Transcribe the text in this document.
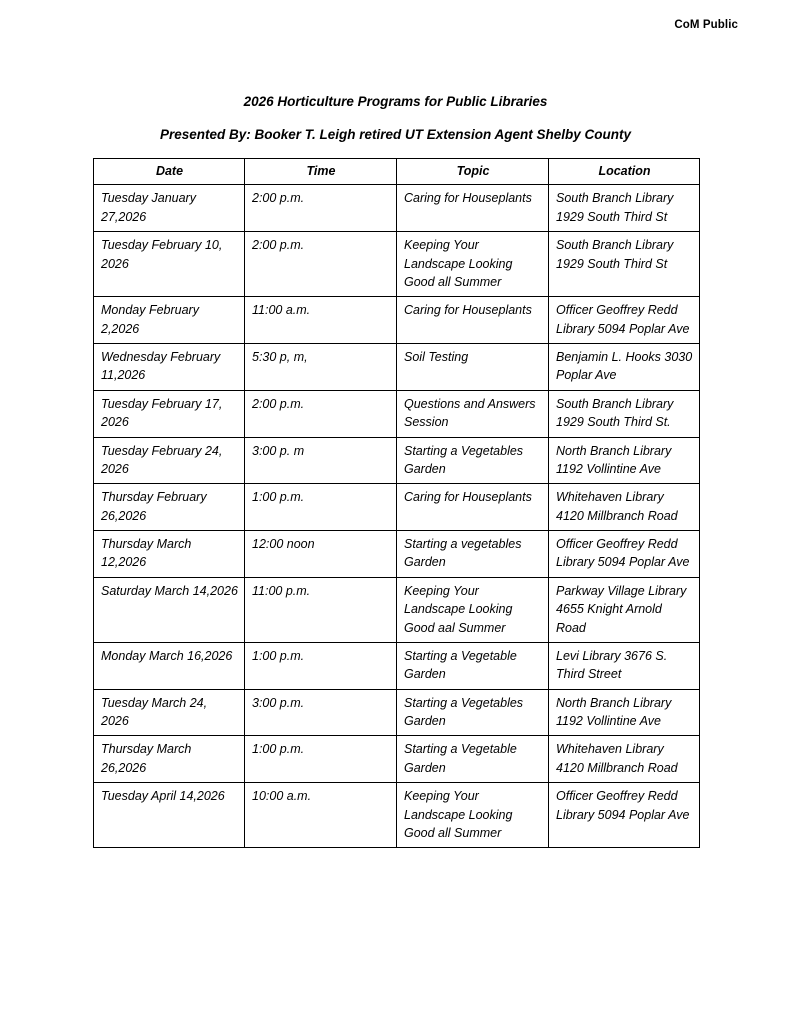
CoM Public
2026 Horticulture Programs for Public Libraries
Presented By: Booker T. Leigh retired UT Extension Agent Shelby County
Date	Time	Topic	Location
Tuesday January 27,2026	2:00 p.m.	Caring for Houseplants	South Branch Library 1929 South Third St
Tuesday February 10, 2026	2:00 p.m.	Keeping Your Landscape Looking Good all Summer	South Branch Library 1929 South Third St
Monday February 2,2026	11:00 a.m.	Caring for Houseplants	Officer Geoffrey Redd Library 5094 Poplar Ave
Wednesday February 11,2026	5:30 p, m,	Soil Testing	Benjamin L. Hooks 3030 Poplar Ave
Tuesday February 17, 2026	2:00 p.m.	Questions and Answers Session	South Branch Library 1929 South Third St.
Tuesday February 24, 2026	3:00 p. m	Starting a Vegetables Garden	North Branch Library 1192 Vollintine Ave
Thursday February 26,2026	1:00 p.m.	Caring for Houseplants	Whitehaven Library 4120 Millbranch Road
Thursday March 12,2026	12:00 noon	Starting a vegetables Garden	Officer Geoffrey Redd Library 5094 Poplar Ave
Saturday March 14,2026	11:00 p.m.	Keeping Your Landscape Looking Good aal Summer	Parkway Village Library 4655 Knight Arnold Road
Monday March 16,2026	1:00 p.m.	Starting a Vegetable Garden	Levi Library 3676 S. Third Street
Tuesday March 24, 2026	3:00 p.m.	Starting a Vegetables Garden	North Branch Library 1192 Vollintine Ave
Thursday March 26,2026	1:00 p.m.	Starting a Vegetable Garden	Whitehaven Library 4120 Millbranch Road
Tuesday April 14,2026	10:00 a.m.	Keeping Your Landscape Looking Good all Summer	Officer Geoffrey Redd Library 5094 Poplar Ave
